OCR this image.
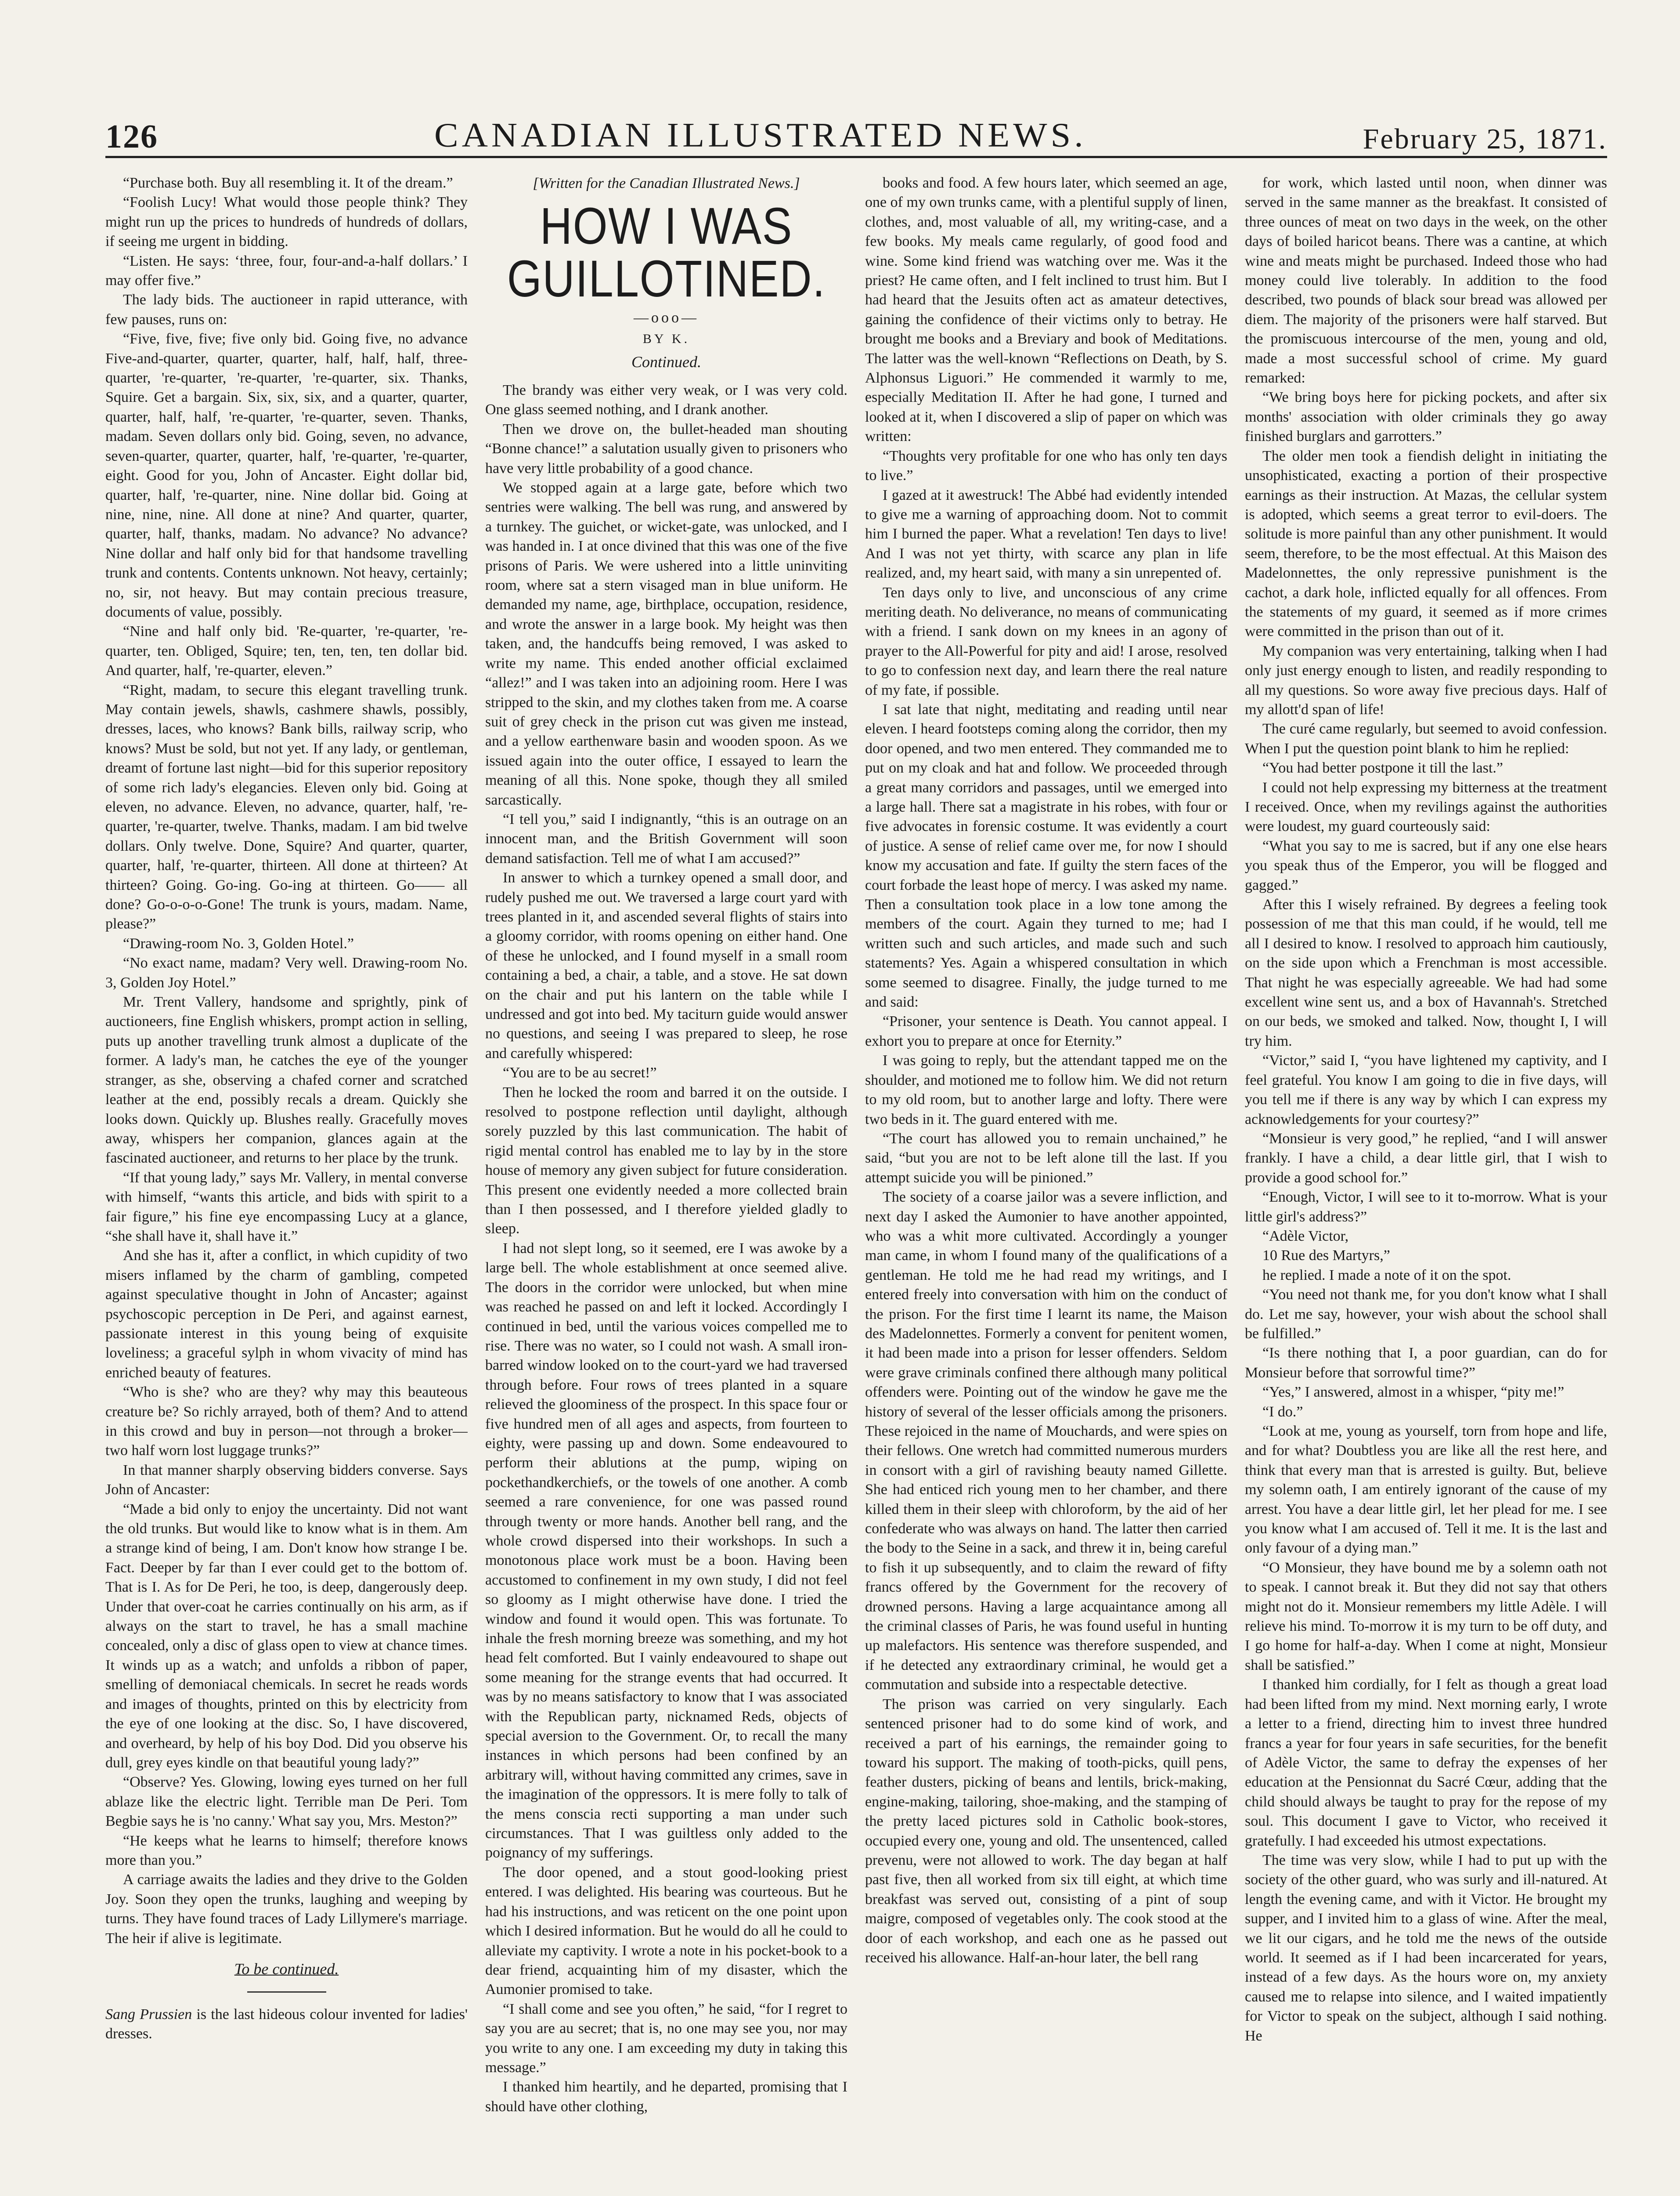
126	CANADIAN ILLUSTRATED NEWS.	February 25, 1871.

“Purchase both. Buy all resembling it. It of the dream.”

“Foolish Lucy! What would those people think? They might run up the prices to hundreds of hundreds of dollars, if seeing me urgent in bidding.

“Listen. He says: ‘three, four, four-and-a-half dollars.’ I may offer five.”

The lady bids. The auctioneer in rapid utterance, with few pauses, runs on:

“Five, five, five; five only bid. Going five, no advance Five-and-quarter, quarter, quarter, half, half, half, three-quarter, 're-quarter, 're-quarter, 're-quarter, six. Thanks, Squire. Get a bargain. Six, six, six, and a quarter, quarter, quarter, half, half, 're-quarter, 're-quarter, seven. Thanks, madam. Seven dollars only bid. Going, seven, no advance, seven-quarter, quarter, quarter, half, 're-quarter, 're-quarter, eight. Good for you, John of Ancaster. Eight dollar bid, quarter, half, 're-quarter, nine. Nine dollar bid. Going at nine, nine, nine. All done at nine? And quarter, quarter, quarter, half, thanks, madam. No advance? No advance? Nine dollar and half only bid for that handsome travelling trunk and contents. Contents unknown. Not heavy, certainly; no, sir, not heavy. But may contain precious treasure, documents of value, possibly.

“Nine and half only bid. 'Re-quarter, 're-quarter, 're-quarter, ten. Obliged, Squire; ten, ten, ten, ten dollar bid. And quarter, half, 're-quarter, eleven.”

“Right, madam, to secure this elegant travelling trunk. May contain jewels, shawls, cashmere shawls, possibly, dresses, laces, who knows? Bank bills, railway scrip, who knows? Must be sold, but not yet. If any lady, or gentleman, dreamt of fortune last night—bid for this superior repository of some rich lady's elegancies. Eleven only bid. Going at eleven, no advance. Eleven, no advance, quarter, half, 're-quarter, 're-quarter, twelve. Thanks, madam. I am bid twelve dollars. Only twelve. Done, Squire? And quarter, quarter, quarter, half, 're-quarter, thirteen. All done at thirteen? At thirteen? Going. Go-ing. Go-ing at thirteen. Go—— all done? Go-o-o-o-Gone! The trunk is yours, madam. Name, please?”

“Drawing-room No. 3, Golden Hotel.”

“No exact name, madam? Very well. Drawing-room No. 3, Golden Joy Hotel.”

Mr. Trent Vallery, handsome and sprightly, pink of auctioneers, fine English whiskers, prompt action in selling, puts up another travelling trunk almost a duplicate of the former. A lady's man, he catches the eye of the younger stranger, as she, observing a chafed corner and scratched leather at the end, possibly recals a dream. Quickly she looks down. Quickly up. Blushes really. Gracefully moves away, whispers her companion, glances again at the fascinated auctioneer, and returns to her place by the trunk.

“If that young lady,” says Mr. Vallery, in mental converse with himself, “wants this article, and bids with spirit to a fair figure,” his fine eye encompassing Lucy at a glance, “she shall have it, shall have it.”

And she has it, after a conflict, in which cupidity of two misers inflamed by the charm of gambling, competed against speculative thought in John of Ancaster; against psychoscopic perception in De Peri, and against earnest, passionate interest in this young being of exquisite loveliness; a graceful sylph in whom vivacity of mind has enriched beauty of features.

“Who is she? who are they? why may this beauteous creature be? So richly arrayed, both of them? And to attend in this crowd and buy in person—not through a broker—two half worn lost luggage trunks?”

In that manner sharply observing bidders converse. Says John of Ancaster:

“Made a bid only to enjoy the uncertainty. Did not want the old trunks. But would like to know what is in them. Am a strange kind of being, I am. Don't know how strange I be. Fact. Deeper by far than I ever could get to the bottom of. That is I. As for De Peri, he too, is deep, dangerously deep. Under that over-coat he carries continually on his arm, as if always on the start to travel, he has a small machine concealed, only a disc of glass open to view at chance times. It winds up as a watch; and unfolds a ribbon of paper, smelling of demoniacal chemicals. In secret he reads words and images of thoughts, printed on this by electricity from the eye of one looking at the disc. So, I have discovered, and overheard, by help of his boy Dod. Did you observe his dull, grey eyes kindle on that beautiful young lady?”

“Observe? Yes. Glowing, lowing eyes turned on her full ablaze like the electric light. Terrible man De Peri. Tom Begbie says he is 'no canny.' What say you, Mrs. Meston?”

“He keeps what he learns to himself; therefore knows more than you.”

A carriage awaits the ladies and they drive to the Golden Joy. Soon they open the trunks, laughing and weeping by turns. They have found traces of Lady Lillymere's marriage. The heir if alive is legitimate.

To be continued.

Sang Prussien is the last hideous colour invented for ladies' dresses.

[Written for the Canadian Illustrated News.]
HOW I WAS GUILLOTINED.
—ooo—
BY K.
Continued.

The brandy was either very weak, or I was very cold. One glass seemed nothing, and I drank another.

Then we drove on, the bullet-headed man shouting “Bonne chance!” a salutation usually given to prisoners who have very little probability of a good chance.

We stopped again at a large gate, before which two sentries were walking. The bell was rung, and answered by a turnkey. The guichet, or wicket-gate, was unlocked, and I was handed in. I at once divined that this was one of the five prisons of Paris. We were ushered into a little uninviting room, where sat a stern visaged man in blue uniform. He demanded my name, age, birthplace, occupation, residence, and wrote the answer in a large book. My height was then taken, and, the handcuffs being removed, I was asked to write my name. This ended another official exclaimed “allez!” and I was taken into an adjoining room. Here I was stripped to the skin, and my clothes taken from me. A coarse suit of grey check in the prison cut was given me instead, and a yellow earthenware basin and wooden spoon. As we issued again into the outer office, I essayed to learn the meaning of all this. None spoke, though they all smiled sarcastically.

“I tell you,” said I indignantly, “this is an outrage on an innocent man, and the British Government will soon demand satisfaction. Tell me of what I am accused?”

In answer to which a turnkey opened a small door, and rudely pushed me out. We traversed a large court yard with trees planted in it, and ascended several flights of stairs into a gloomy corridor, with rooms opening on either hand. One of these he unlocked, and I found myself in a small room containing a bed, a chair, a table, and a stove. He sat down on the chair and put his lantern on the table while I undressed and got into bed. My taciturn guide would answer no questions, and seeing I was prepared to sleep, he rose and carefully whispered:

“You are to be au secret!”

Then he locked the room and barred it on the outside. I resolved to postpone reflection until daylight, although sorely puzzled by this last communication. The habit of rigid mental control has enabled me to lay by in the store house of memory any given subject for future consideration. This present one evidently needed a more collected brain than I then possessed, and I therefore yielded gladly to sleep.

I had not slept long, so it seemed, ere I was awoke by a large bell. The whole establishment at once seemed alive. The doors in the corridor were unlocked, but when mine was reached he passed on and left it locked. Accordingly I continued in bed, until the various voices compelled me to rise. There was no water, so I could not wash. A small iron-barred window looked on to the court-yard we had traversed through before. Four rows of trees planted in a square relieved the gloominess of the prospect. In this space four or five hundred men of all ages and aspects, from fourteen to eighty, were passing up and down. Some endeavoured to perform their ablutions at the pump, wiping on pockethandkerchiefs, or the towels of one another. A comb seemed a rare convenience, for one was passed round through twenty or more hands. Another bell rang, and the whole crowd dispersed into their workshops. In such a monotonous place work must be a boon. Having been accustomed to confinement in my own study, I did not feel so gloomy as I might otherwise have done. I tried the window and found it would open. This was fortunate. To inhale the fresh morning breeze was something, and my hot head felt comforted. But I vainly endeavoured to shape out some meaning for the strange events that had occurred. It was by no means satisfactory to know that I was associated with the Republican party, nicknamed Reds, objects of special aversion to the Government. Or, to recall the many instances in which persons had been confined by an arbitrary will, without having committed any crimes, save in the imagination of the oppressors. It is mere folly to talk of the mens conscia recti supporting a man under such circumstances. That I was guiltless only added to the poignancy of my sufferings.

The door opened, and a stout good-looking priest entered. I was delighted. His bearing was courteous. But he had his instructions, and was reticent on the one point upon which I desired information. But he would do all he could to alleviate my captivity. I wrote a note in his pocket-book to a dear friend, acquainting him of my disaster, which the Aumonier promised to take.

“I shall come and see you often,” he said, “for I regret to say you are au secret; that is, no one may see you, nor may you write to any one. I am exceeding my duty in taking this message.”

I thanked him heartily, and he departed, promising that I should have other clothing,

books and food. A few hours later, which seemed an age, one of my own trunks came, with a plentiful supply of linen, clothes, and, most valuable of all, my writing-case, and a few books. My meals came regularly, of good food and wine. Some kind friend was watching over me. Was it the priest? He came often, and I felt inclined to trust him. But I had heard that the Jesuits often act as amateur detectives, gaining the confidence of their victims only to betray. He brought me books and a Breviary and book of Meditations. The latter was the well-known “Reflections on Death, by S. Alphonsus Liguori.” He commended it warmly to me, especially Meditation II. After he had gone, I turned and looked at it, when I discovered a slip of paper on which was written:

“Thoughts very profitable for one who has only ten days to live.”

I gazed at it awestruck! The Abbé had evidently intended to give me a warning of approaching doom. Not to commit him I burned the paper. What a revelation! Ten days to live! And I was not yet thirty, with scarce any plan in life realized, and, my heart said, with many a sin unrepented of.

Ten days only to live, and unconscious of any crime meriting death. No deliverance, no means of communicating with a friend. I sank down on my knees in an agony of prayer to the All-Powerful for pity and aid! I arose, resolved to go to confession next day, and learn there the real nature of my fate, if possible.

I sat late that night, meditating and reading until near eleven. I heard footsteps coming along the corridor, then my door opened, and two men entered. They commanded me to put on my cloak and hat and follow. We proceeded through a great many corridors and passages, until we emerged into a large hall. There sat a magistrate in his robes, with four or five advocates in forensic costume. It was evidently a court of justice. A sense of relief came over me, for now I should know my accusation and fate. If guilty the stern faces of the court forbade the least hope of mercy. I was asked my name. Then a consultation took place in a low tone among the members of the court. Again they turned to me; had I written such and such articles, and made such and such statements? Yes. Again a whispered consultation in which some seemed to disagree. Finally, the judge turned to me and said:

“Prisoner, your sentence is Death. You cannot appeal. I exhort you to prepare at once for Eternity.”

I was going to reply, but the attendant tapped me on the shoulder, and motioned me to follow him. We did not return to my old room, but to another large and lofty. There were two beds in it. The guard entered with me.

“The court has allowed you to remain unchained,” he said, “but you are not to be left alone till the last. If you attempt suicide you will be pinioned.”

The society of a coarse jailor was a severe infliction, and next day I asked the Aumonier to have another appointed, who was a whit more cultivated. Accordingly a younger man came, in whom I found many of the qualifications of a gentleman. He told me he had read my writings, and I entered freely into conversation with him on the conduct of the prison. For the first time I learnt its name, the Maison des Madelonnettes. Formerly a convent for penitent women, it had been made into a prison for lesser offenders. Seldom were grave criminals confined there although many political offenders were. Pointing out of the window he gave me the history of several of the lesser officials among the prisoners. These rejoiced in the name of Mouchards, and were spies on their fellows. One wretch had committed numerous murders in consort with a girl of ravishing beauty named Gillette. She had enticed rich young men to her chamber, and there killed them in their sleep with chloroform, by the aid of her confederate who was always on hand. The latter then carried the body to the Seine in a sack, and threw it in, being careful to fish it up subsequently, and to claim the reward of fifty francs offered by the Government for the recovery of drowned persons. Having a large acquaintance among all the criminal classes of Paris, he was found useful in hunting up malefactors. His sentence was therefore suspended, and if he detected any extraordinary criminal, he would get a commutation and subside into a respectable detective.

The prison was carried on very singularly. Each sentenced prisoner had to do some kind of work, and received a part of his earnings, the remainder going to toward his support. The making of tooth-picks, quill pens, feather dusters, picking of beans and lentils, brick-making, engine-making, tailoring, shoe-making, and the stamping of the pretty laced pictures sold in Catholic book-stores, occupied every one, young and old. The unsentenced, called prevenu, were not allowed to work. The day began at half past five, then all worked from six till eight, at which time breakfast was served out, consisting of a pint of soup maigre, composed of vegetables only. The cook stood at the door of each workshop, and each one as he passed out received his allowance. Half-an-hour later, the bell rang

for work, which lasted until noon, when dinner was served in the same manner as the breakfast. It consisted of three ounces of meat on two days in the week, on the other days of boiled haricot beans. There was a cantine, at which wine and meats might be purchased. Indeed those who had money could live tolerably. In addition to the food described, two pounds of black sour bread was allowed per diem. The majority of the prisoners were half starved. But the promiscuous intercourse of the men, young and old, made a most successful school of crime. My guard remarked:

“We bring boys here for picking pockets, and after six months' association with older criminals they go away finished burglars and garrotters.”

The older men took a fiendish delight in initiating the unsophisticated, exacting a portion of their prospective earnings as their instruction. At Mazas, the cellular system is adopted, which seems a great terror to evil-doers. The solitude is more painful than any other punishment. It would seem, therefore, to be the most effectual. At this Maison des Madelonnettes, the only repressive punishment is the cachot, a dark hole, inflicted equally for all offences. From the statements of my guard, it seemed as if more crimes were committed in the prison than out of it.

My companion was very entertaining, talking when I had only just energy enough to listen, and readily responding to all my questions. So wore away five precious days. Half of my allott'd span of life!

The curé came regularly, but seemed to avoid confession. When I put the question point blank to him he replied:

“You had better postpone it till the last.”

I could not help expressing my bitterness at the treatment I received. Once, when my revilings against the authorities were loudest, my guard courteously said:

“What you say to me is sacred, but if any one else hears you speak thus of the Emperor, you will be flogged and gagged.”

After this I wisely refrained. By degrees a feeling took possession of me that this man could, if he would, tell me all I desired to know. I resolved to approach him cautiously, on the side upon which a Frenchman is most accessible. That night he was especially agreeable. We had had some excellent wine sent us, and a box of Havannah's. Stretched on our beds, we smoked and talked. Now, thought I, I will try him.

“Victor,” said I, “you have lightened my captivity, and I feel grateful. You know I am going to die in five days, will you tell me if there is any way by which I can express my acknowledgements for your courtesy?”

“Monsieur is very good,” he replied, “and I will answer frankly. I have a child, a dear little girl, that I wish to provide a good school for.”

“Enough, Victor, I will see to it to-morrow. What is your little girl's address?”

“Adèle Victor,

10 Rue des Martyrs,”

he replied. I made a note of it on the spot.

“You need not thank me, for you don't know what I shall do. Let me say, however, your wish about the school shall be fulfilled.”

“Is there nothing that I, a poor guardian, can do for Monsieur before that sorrowful time?”

“Yes,” I answered, almost in a whisper, “pity me!”

“I do.”

“Look at me, young as yourself, torn from hope and life, and for what? Doubtless you are like all the rest here, and think that every man that is arrested is guilty. But, believe my solemn oath, I am entirely ignorant of the cause of my arrest. You have a dear little girl, let her plead for me. I see you know what I am accused of. Tell it me. It is the last and only favour of a dying man.”

“O Monsieur, they have bound me by a solemn oath not to speak. I cannot break it. But they did not say that others might not do it. Monsieur remembers my little Adèle. I will relieve his mind. To-morrow it is my turn to be off duty, and I go home for half-a-day. When I come at night, Monsieur shall be satisfied.”

I thanked him cordially, for I felt as though a great load had been lifted from my mind. Next morning early, I wrote a letter to a friend, directing him to invest three hundred francs a year for four years in safe securities, for the benefit of Adèle Victor, the same to defray the expenses of her education at the Pensionnat du Sacré Cœur, adding that the child should always be taught to pray for the repose of my soul. This document I gave to Victor, who received it gratefully. I had exceeded his utmost expectations.

The time was very slow, while I had to put up with the society of the other guard, who was surly and ill-natured. At length the evening came, and with it Victor. He brought my supper, and I invited him to a glass of wine. After the meal, we lit our cigars, and he told me the news of the outside world. It seemed as if I had been incarcerated for years, instead of a few days. As the hours wore on, my anxiety caused me to relapse into silence, and I waited impatiently for Victor to speak on the subject, although I said nothing. He
